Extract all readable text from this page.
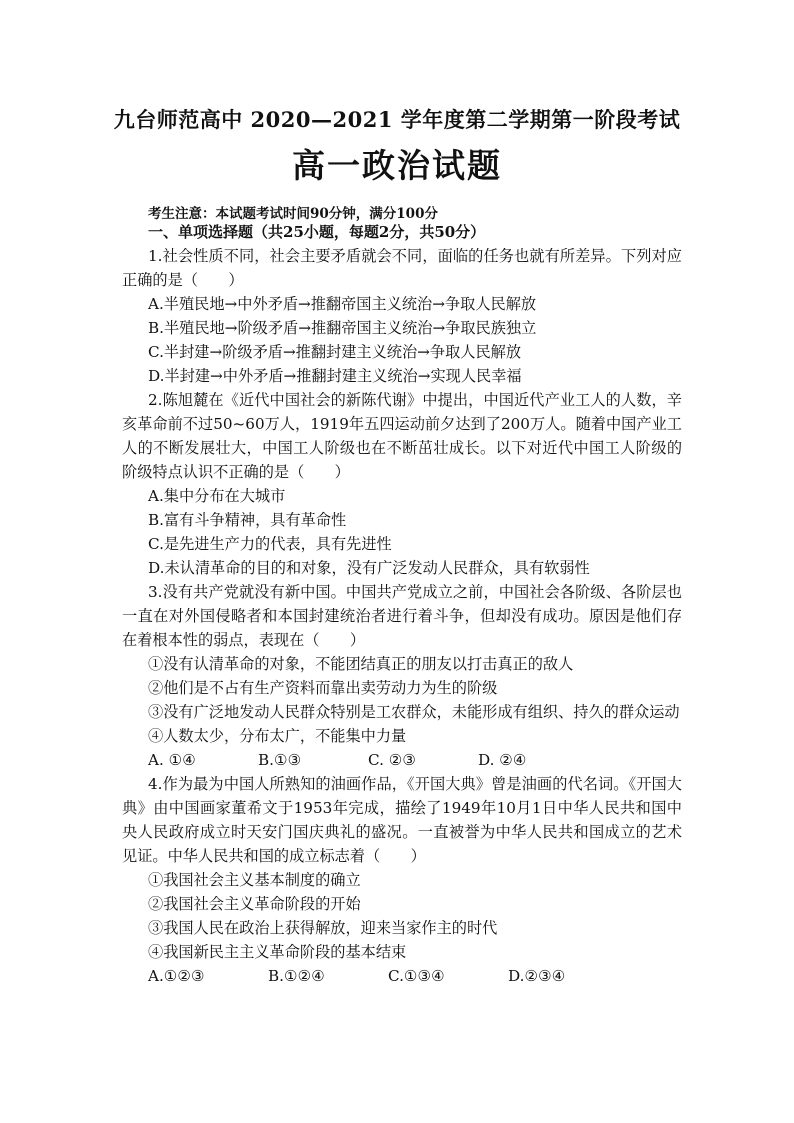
九台师范高中 2020—2021 学年度第二学期第一阶段考试
高一政治试题
考生注意：本试题考试时间90分钟，满分100分
一、单项选择题（共25小题，每题2分，共50分）

1.社会性质不同，社会主要矛盾就会不同，面临的任务也就有所差异。下列对应正确的是（　　）

A.半殖民地→中外矛盾→推翻帝国主义统治→争取人民解放

B.半殖民地→阶级矛盾→推翻帝国主义统治→争取民族独立

C.半封建→阶级矛盾→推翻封建主义统治→争取人民解放

D.半封建→中外矛盾→推翻封建主义统治→实现人民幸福

2.陈旭麓在《近代中国社会的新陈代谢》中提出，中国近代产业工人的人数，辛亥革命前不过50~60万人，1919年五四运动前夕达到了200万人。随着中国产业工人的不断发展壮大，中国工人阶级也在不断茁壮成长。以下对近代中国工人阶级的阶级特点认识不正确的是（　　）

A.集中分布在大城市

B.富有斗争精神，具有革命性

C.是先进生产力的代表，具有先进性

D.未认清革命的目的和对象，没有广泛发动人民群众，具有软弱性

3.没有共产党就没有新中国。中国共产党成立之前，中国社会各阶级、各阶层也一直在对外国侵略者和本国封建统治者进行着斗争，但却没有成功。原因是他们存在着根本性的弱点，表现在（　　）

①没有认清革命的对象，不能团结真正的朋友以打击真正的敌人

②他们是不占有生产资料而靠出卖劳动力为生的阶级

③没有广泛地发动人民群众特别是工农群众，未能形成有组织、持久的群众运动

④人数太少，分布太广，不能集中力量

A. ①④	B.①③	C. ②③	D. ②④

4.作为最为中国人所熟知的油画作品，《开国大典》曾是油画的代名词。《开国大典》由中国画家董希文于1953年完成，描绘了1949年10月1日中华人民共和国中央人民政府成立时天安门国庆典礼的盛况。一直被誉为中华人民共和国成立的艺术见证。中华人民共和国的成立标志着（　　）

①我国社会主义基本制度的确立

②我国社会主义革命阶段的开始

③我国人民在政治上获得解放，迎来当家作主的时代

④我国新民主主义革命阶段的基本结束

A.①②③	B.①②④	C.①③④	D.②③④
